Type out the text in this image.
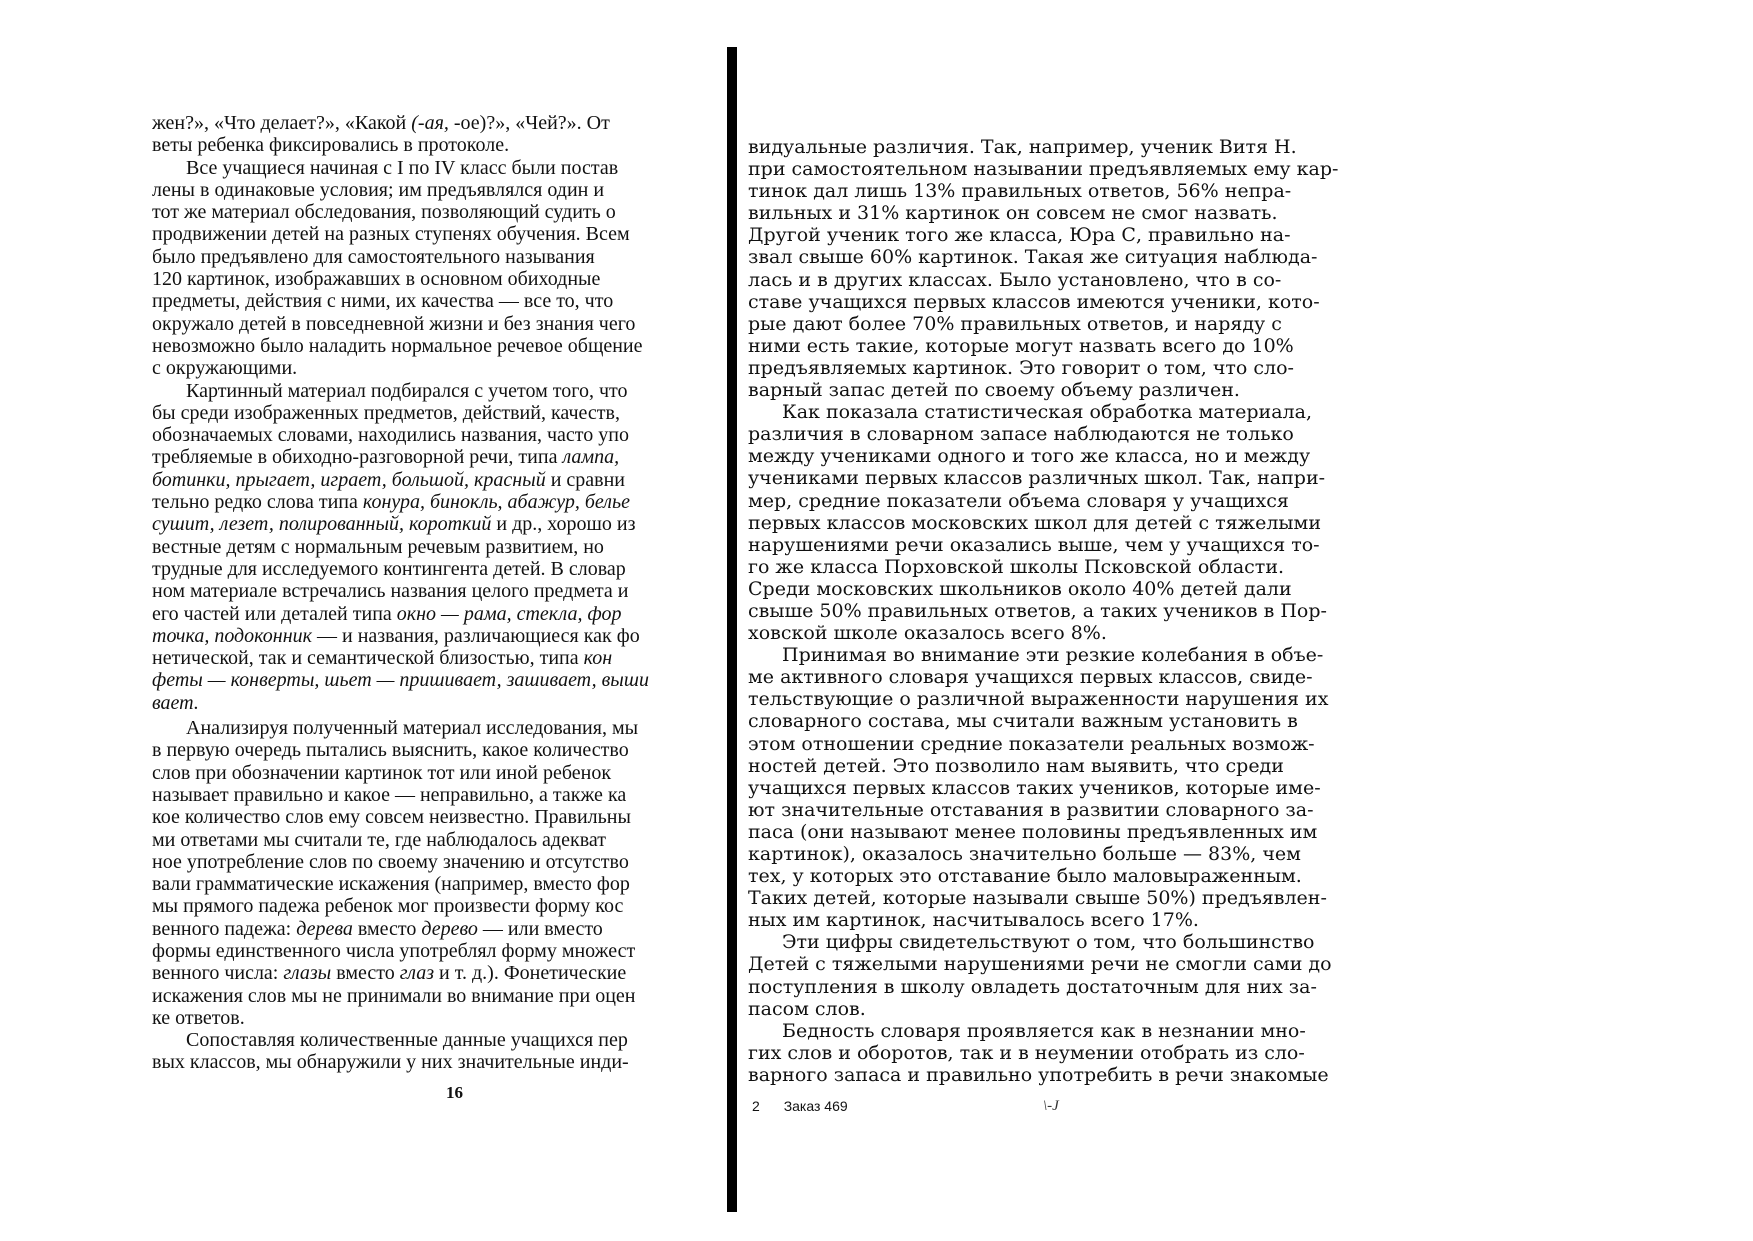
жен?», «Что делает?», «Какой (-ая, -ое)?», «Чей?». От
веты ребенка фиксировались в протоколе.
Все учащиеся начиная с I по IV класс были постав
лены в одинаковые условия; им предъявлялся один и
тот же материал обследования, позволяющий судить о
продвижении детей на разных ступенях обучения. Всем
было предъявлено для самостоятельного называния
120 картинок, изображавших в основном обиходные
предметы, действия с ними, их качества — все то, что
окружало детей в повседневной жизни и без знания чего
невозможно было наладить нормальное речевое общение
с окружающими.
Картинный материал подбирался с учетом того, что
бы среди изображенных предметов, действий, качеств,
обозначаемых словами, находились названия, часто упо
требляемые в обиходно-разговорной речи, типа лампа,
ботинки, прыгает, играет, большой, красный и сравни
тельно редко слова типа конура, бинокль, абажур, белье
сушит, лезет, полированный, короткий и др., хорошо из
вестные детям с нормальным речевым развитием, но
трудные для исследуемого контингента детей. В словар
ном материале встречались названия целого предмета и
его частей или деталей типа окно — рама, стекла, фор
точка, подоконник — и названия, различающиеся как фо
нетической, так и семантической близостью, типа кон
феты — конверты, шьет — пришивает, зашивает, выши
вает.
Анализируя полученный материал исследования, мы
в первую очередь пытались выяснить, какое количество
слов при обозначении картинок тот или иной ребенок
называет правильно и какое — неправильно, а также ка
кое количество слов ему совсем неизвестно. Правильны
ми ответами мы считали те, где наблюдалось адекват
ное употребление слов по своему значению и отсутство
вали грамматические искажения (например, вместо фор
мы прямого падежа ребенок мог произвести форму кос
венного падежа: дерева вместо дерево — или вместо
формы единственного числа употреблял форму множест
венного числа: глазы вместо глаз и т. д.). Фонетические
искажения слов мы не принимали во внимание при оцен
ке ответов.
Сопоставляя количественные данные учащихся пер
вых классов, мы обнаружили у них значительные инди-
видуальные различия. Так, например, ученик Витя Н.
при самостоятельном назывании предъявляемых ему кар-
тинок дал лишь 13% правильных ответов, 56% непра-
вильных и 31% картинок он совсем не смог назвать.
Другой ученик того же класса, Юра С, правильно на-
звал свыше 60% картинок. Такая же ситуация наблюда-
лась и в других классах. Было установлено, что в со-
ставе учащихся первых классов имеются ученики, кото-
рые дают более 70% правильных ответов, и наряду с
ними есть такие, которые могут назвать всего до 10%
предъявляемых картинок. Это говорит о том, что сло-
варный запас детей по своему объему различен.
Как показала статистическая обработка материала,
различия в словарном запасе наблюдаются не только
между учениками одного и того же класса, но и между
учениками первых классов различных школ. Так, напри-
мер, средние показатели объема словаря у учащихся
первых классов московских школ для детей с тяжелыми
нарушениями речи оказались выше, чем у учащихся то-
го же класса Порховской школы Псковской области.
Среди московских школьников около 40% детей дали
свыше 50% правильных ответов, а таких учеников в Пор-
ховской школе оказалось всего 8%.
Принимая во внимание эти резкие колебания в объе-
ме активного словаря учащихся первых классов, свиде-
тельствующие о различной выраженности нарушения их
словарного состава, мы считали важным установить в
этом отношении средние показатели реальных возмож-
ностей детей. Это позволило нам выявить, что среди
учащихся первых классов таких учеников, которые име-
ют значительные отставания в развитии словарного за-
паса (они называют менее половины предъявленных им
картинок), оказалось значительно больше — 83%, чем
тех, у которых это отставание было маловыраженным.
Таких детей, которые называли свыше 50%) предъявлен-
ных им картинок, насчитывалось всего 17%.
Эти цифры свидетельствуют о том, что большинство
Детей с тяжелыми нарушениями речи не смогли сами до
поступления в школу овладеть достаточным для них за-
пасом слов.
Бедность словаря проявляется как в незнании мно-
гих слов и оборотов, так и в неумении отобрать из сло-
варного запаса и правильно употребить в речи знакомые
16
2 Заказ 469	\-J
